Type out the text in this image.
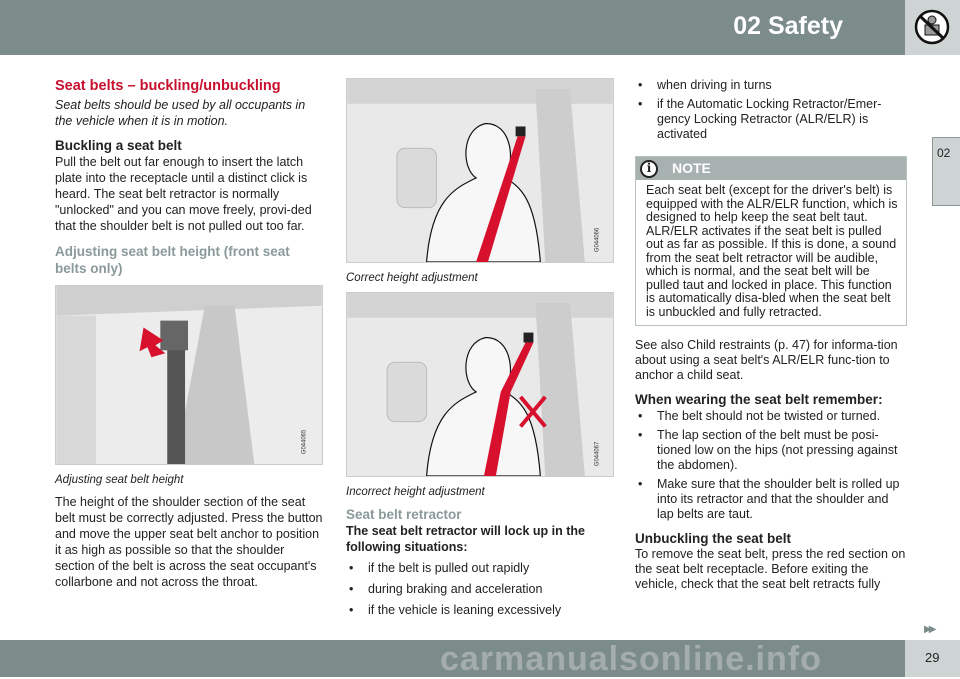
02 Safety
02
Seat belts – buckling/unbuckling

Seat belts should be used by all occupants in the vehicle when it is in motion.

Buckling a seat belt

Pull the belt out far enough to insert the latch plate into the receptacle until a distinct click is heard. The seat belt retractor is normally "unlocked" and you can move freely, provi-ded that the shoulder belt is not pulled out too far.

Adjusting seat belt height (front seat belts only)
G044065

Adjusting seat belt height

The height of the shoulder section of the seat belt must be correctly adjusted. Press the button and move the upper seat belt anchor to position it as high as possible so that the shoulder section of the belt is across the seat occupant's collarbone and not across the throat.

G044066

Correct height adjustment

G044067

Incorrect height adjustment

Seat belt retractor

The seat belt retractor will lock up in the following situations:

• if the belt is pulled out rapidly
• during braking and acceleration
• if the vehicle is leaning excessively
• when driving in turns
• if the Automatic Locking Retractor/Emer-gency Locking Retractor (ALR/ELR) is activated
i	NOTE
Each seat belt (except for the driver's belt) is equipped with the ALR/ELR function, which is designed to help keep the seat belt taut. ALR/ELR activates if the seat belt is pulled out as far as possible. If this is done, a sound from the seat belt retractor will be audible, which is normal, and the seat belt will be pulled taut and locked in place. This function is automatically disa-bled when the seat belt is unbuckled and fully retracted.

See also Child restraints (p. 47) for informa-tion about using a seat belt's ALR/ELR func-tion to anchor a child seat.

When wearing the seat belt remember:
• The belt should not be twisted or turned.
• The lap section of the belt must be posi-tioned low on the hips (not pressing against the abdomen).
• Make sure that the shoulder belt is rolled up into its retractor and that the shoulder and lap belts are taut.
Unbuckling the seat belt

To remove the seat belt, press the red section on the seat belt receptacle. Before exiting the vehicle, check that the seat belt retracts fully

▶▶
carmanualsonline.info	29
